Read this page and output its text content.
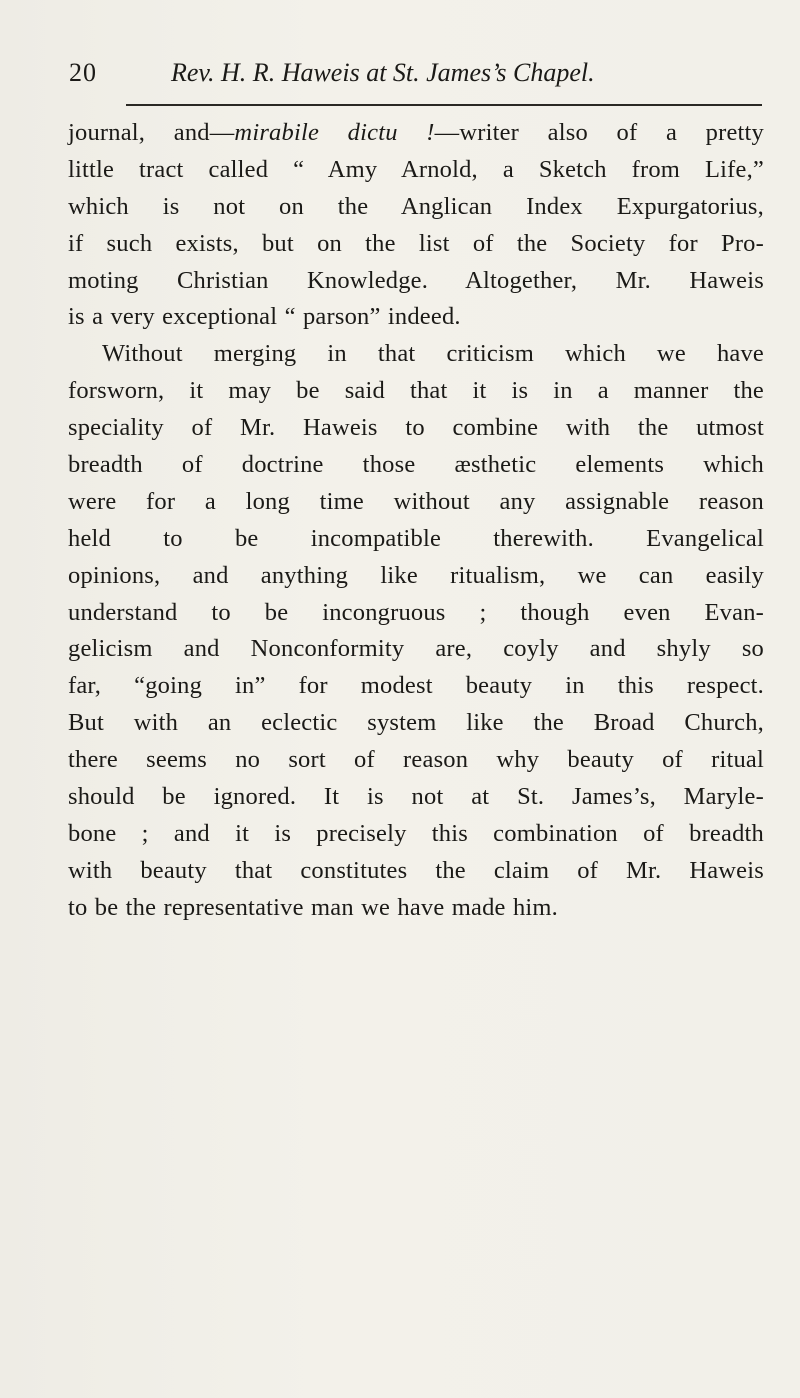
20	Rev. H. R. Haweis at St. James’s Chapel.
journal, and—mirabile dictu !—writer also of a pretty
little tract called “ Amy Arnold, a Sketch from Life,”
which is not on the Anglican Index Expurgatorius,
if such exists, but on the list of the Society for Pro-
moting Christian Knowledge. Altogether, Mr. Haweis
is a very exceptional “ parson” indeed.
Without merging in that criticism which we have
forsworn, it may be said that it is in a manner the
speciality of Mr. Haweis to combine with the utmost
breadth of doctrine those æsthetic elements which
were for a long time without any assignable reason
held to be incompatible therewith. Evangelical
opinions, and anything like ritualism, we can easily
understand to be incongruous ; though even Evan-
gelicism and Nonconformity are, coyly and shyly so
far, “going in” for modest beauty in this respect.
But with an eclectic system like the Broad Church,
there seems no sort of reason why beauty of ritual
should be ignored. It is not at St. James’s, Maryle-
bone ; and it is precisely this combination of breadth
with beauty that constitutes the claim of Mr. Haweis
to be the representative man we have made him.
